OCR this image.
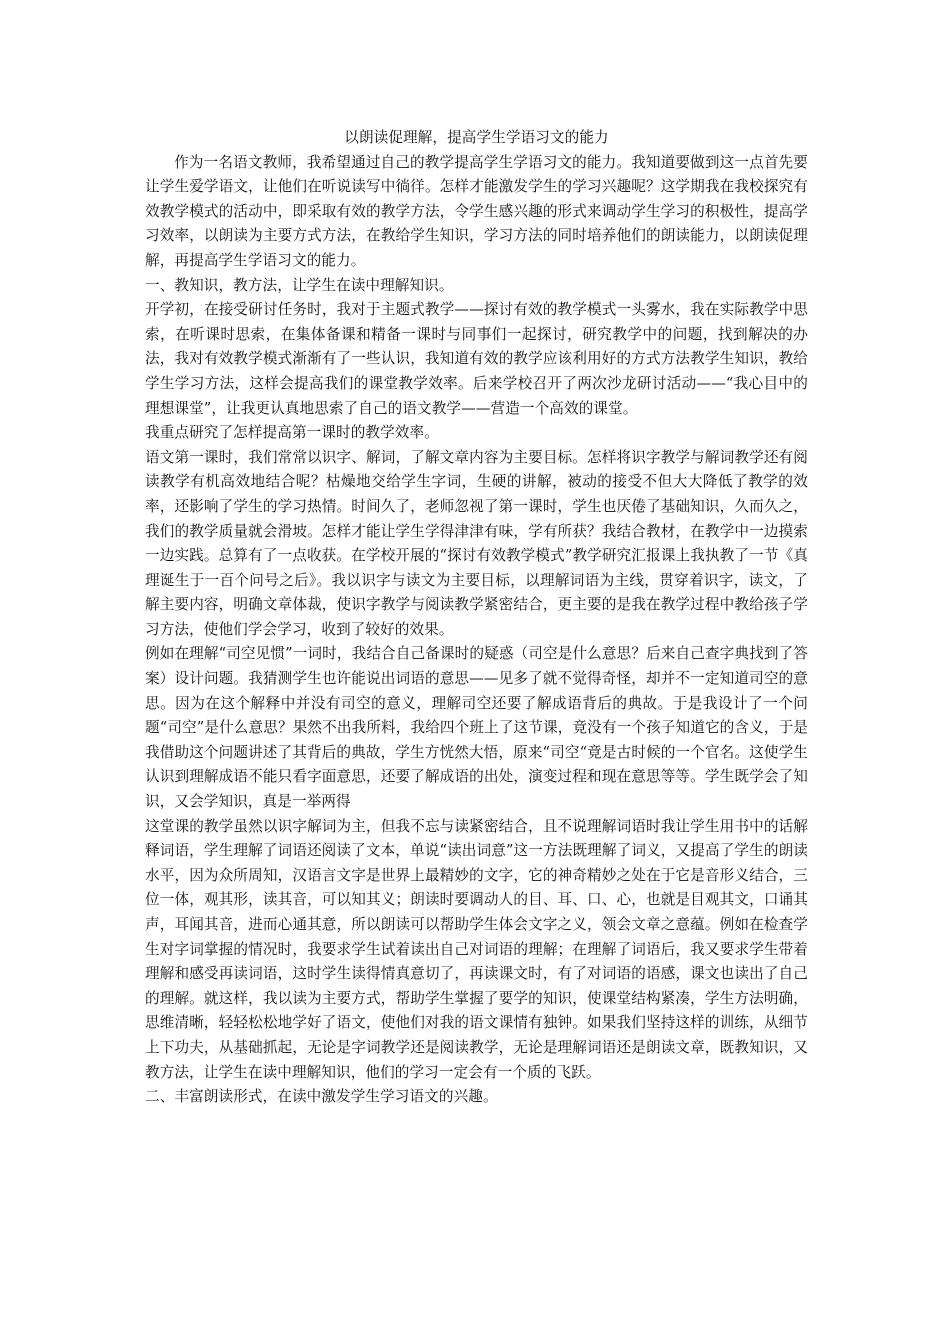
以朗读促理解，提高学生学语习文的能力

作为一名语文教师，我希望通过自己的教学提高学生学语习文的能力。我知道要做到这一点首先要让学生爱学语文，让他们在听说读写中徜徉。怎样才能激发学生的学习兴趣呢？这学期我在我校探究有效教学模式的活动中，即采取有效的教学方法，令学生感兴趣的形式来调动学生学习的积极性，提高学习效率，以朗读为主要方式方法，在教给学生知识，学习方法的同时培养他们的朗读能力，以朗读促理解，再提高学生学语习文的能力。

一、教知识，教方法，让学生在读中理解知识。

开学初，在接受研讨任务时，我对于主题式教学——探讨有效的教学模式一头雾水，我在实际教学中思索，在听课时思索，在集体备课和精备一课时与同事们一起探讨，研究教学中的问题，找到解决的办法，我对有效教学模式渐渐有了一些认识，我知道有效的教学应该利用好的方式方法教学生知识，教给学生学习方法，这样会提高我们的课堂教学效率。后来学校召开了两次沙龙研讨活动——“我心目中的理想课堂”，让我更认真地思索了自己的语文教学——营造一个高效的课堂。

我重点研究了怎样提高第一课时的教学效率。

语文第一课时，我们常常以识字、解词，了解文章内容为主要目标。怎样将识字教学与解词教学还有阅读教学有机高效地结合呢？枯燥地交给学生字词，生硬的讲解，被动的接受不但大大降低了教学的效率，还影响了学生的学习热情。时间久了，老师忽视了第一课时，学生也厌倦了基础知识，久而久之，我们的教学质量就会滑坡。怎样才能让学生学得津津有味，学有所获？我结合教材，在教学中一边摸索一边实践。总算有了一点收获。在学校开展的“探讨有效教学模式”教学研究汇报课上我执教了一节《真理诞生于一百个问号之后》。我以识字与读文为主要目标，以理解词语为主线，贯穿着识字，读文，了解主要内容，明确文章体裁，使识字教学与阅读教学紧密结合，更主要的是我在教学过程中教给孩子学习方法，使他们学会学习，收到了较好的效果。

例如在理解“司空见惯”一词时，我结合自己备课时的疑惑（司空是什么意思？后来自己查字典找到了答案）设计问题。我猜测学生也许能说出词语的意思——见多了就不觉得奇怪，却并不一定知道司空的意思。因为在这个解释中并没有司空的意义，理解司空还要了解成语背后的典故。于是我设计了一个问题“司空”是什么意思？果然不出我所料，我给四个班上了这节课，竟没有一个孩子知道它的含义，于是我借助这个问题讲述了其背后的典故，学生方恍然大悟，原来“司空“竟是古时候的一个官名。这使学生认识到理解成语不能只看字面意思，还要了解成语的出处，演变过程和现在意思等等。学生既学会了知识，又会学知识，真是一举两得

这堂课的教学虽然以识字解词为主，但我不忘与读紧密结合，且不说理解词语时我让学生用书中的话解释词语，学生理解了词语还阅读了文本，单说“读出词意”这一方法既理解了词义，又提高了学生的朗读水平，因为众所周知，汉语言文字是世界上最精妙的文字，它的神奇精妙之处在于它是音形义结合，三位一体，观其形，读其音，可以知其义；朗读时要调动人的目、耳、口、心，也就是目观其文，口诵其声，耳闻其音，进而心通其意，所以朗读可以帮助学生体会文字之义，领会文章之意蕴。例如在检查学生对字词掌握的情况时，我要求学生试着读出自己对词语的理解；在理解了词语后，我又要求学生带着理解和感受再读词语，这时学生读得情真意切了，再读课文时，有了对词语的语感，课文也读出了自己的理解。就这样，我以读为主要方式，帮助学生掌握了要学的知识，使课堂结构紧凑，学生方法明确，思维清晰，轻轻松松地学好了语文，使他们对我的语文课情有独钟。如果我们坚持这样的训练，从细节上下功夫，从基础抓起，无论是字词教学还是阅读教学，无论是理解词语还是朗读文章，既教知识，又教方法，让学生在读中理解知识，他们的学习一定会有一个质的飞跃。

二、丰富朗读形式，在读中激发学生学习语文的兴趣。
